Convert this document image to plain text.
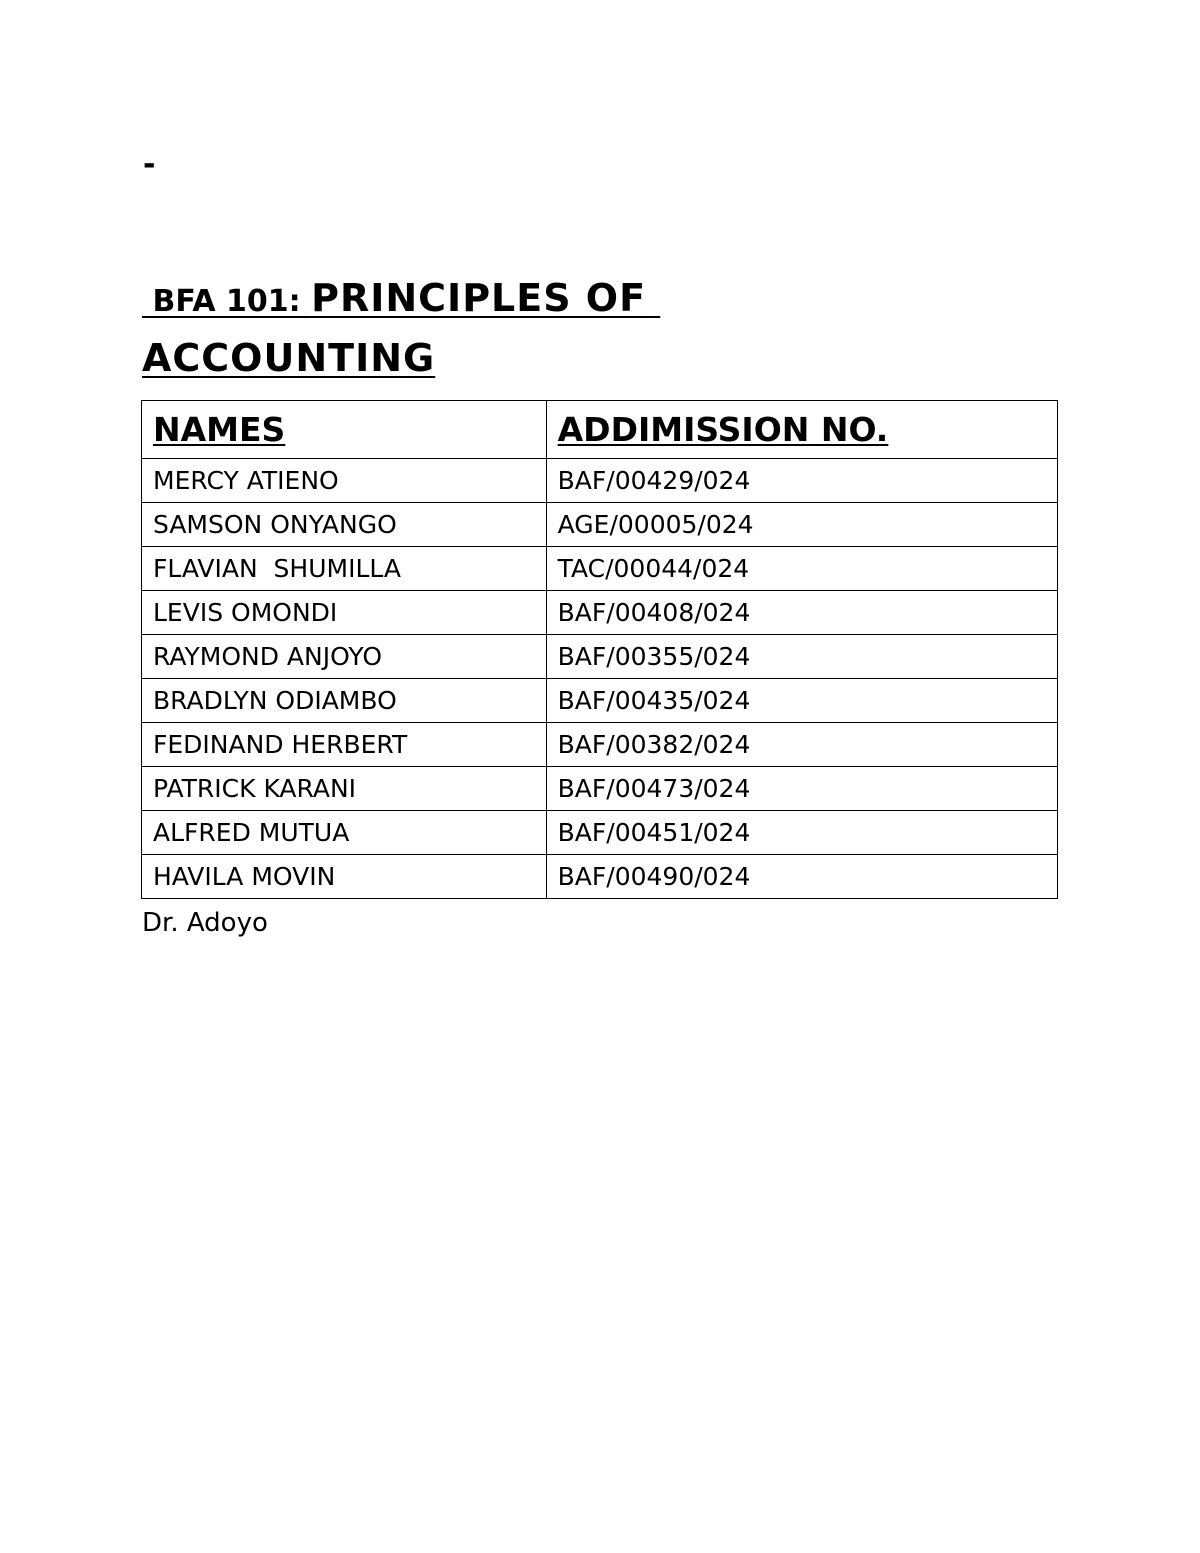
-
BFA 101: PRINCIPLES OF ACCOUNTING
NAMES	ADDIMISSION NO.
MERCY ATIENO	BAF/00429/024
SAMSON ONYANGO	AGE/00005/024
FLAVIAN  SHUMILLA	TAC/00044/024
LEVIS OMONDI	BAF/00408/024
RAYMOND ANJOYO	BAF/00355/024
BRADLYN ODIAMBO	BAF/00435/024
FEDINAND HERBERT	BAF/00382/024
PATRICK KARANI	BAF/00473/024
ALFRED MUTUA	BAF/00451/024
HAVILA MOVIN	BAF/00490/024
Dr. Adoyo
